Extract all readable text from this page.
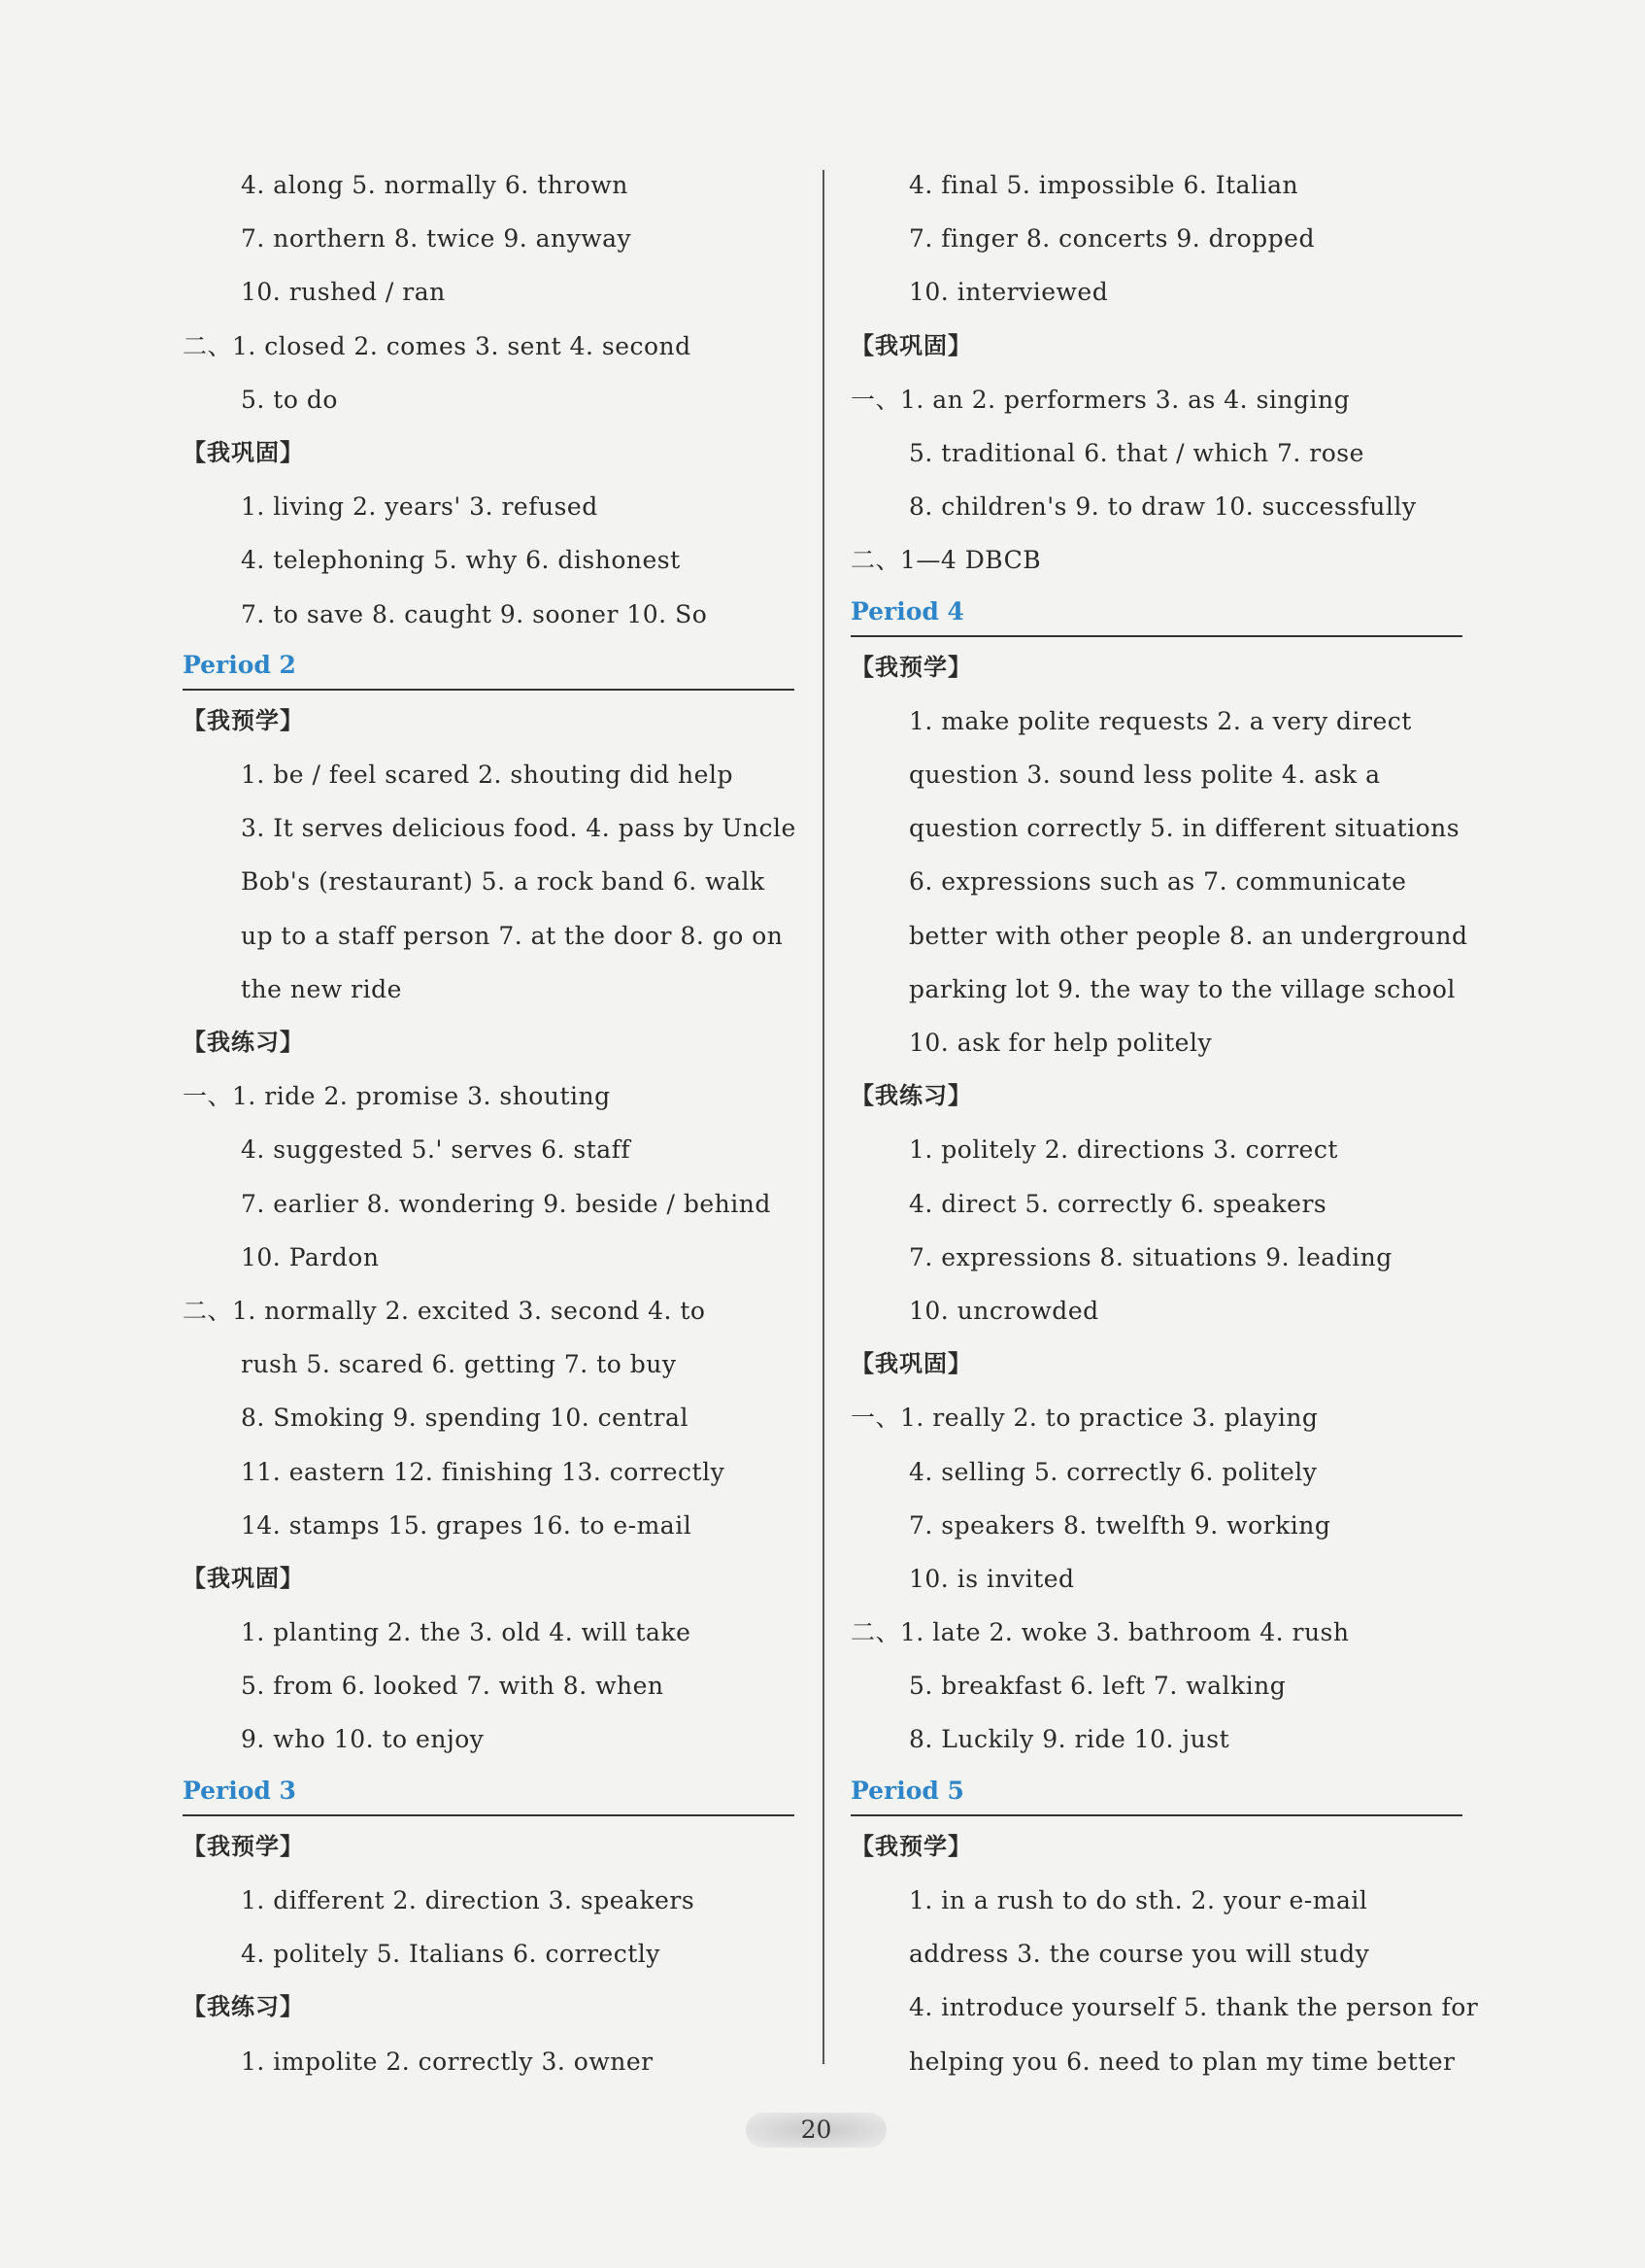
4. along 5. normally 6. thrown
7. northern 8. twice 9. anyway
10. rushed / ran
二、1. closed 2. comes 3. sent 4. second
5. to do
【我巩固】
1. living 2. years' 3. refused
4. telephoning 5. why 6. dishonest
7. to save 8. caught 9. sooner 10. So
Period 2
【我预学】
1. be / feel scared 2. shouting did help
3. It serves delicious food. 4. pass by Uncle
Bob's (restaurant) 5. a rock band 6. walk
up to a staff person 7. at the door 8. go on
the new ride
【我练习】
一、1. ride 2. promise 3. shouting
4. suggested 5.' serves 6. staff
7. earlier 8. wondering 9. beside / behind
10. Pardon
二、1. normally 2. excited 3. second 4. to
rush 5. scared 6. getting 7. to buy
8. Smoking 9. spending 10. central
11. eastern 12. finishing 13. correctly
14. stamps 15. grapes 16. to e-mail
【我巩固】
1. planting 2. the 3. old 4. will take
5. from 6. looked 7. with 8. when
9. who 10. to enjoy
Period 3
【我预学】
1. different 2. direction 3. speakers
4. politely 5. Italians 6. correctly
【我练习】
1. impolite 2. correctly 3. owner
4. final 5. impossible 6. Italian
7. finger 8. concerts 9. dropped
10. interviewed
【我巩固】
一、1. an 2. performers 3. as 4. singing
5. traditional 6. that / which 7. rose
8. children's 9. to draw 10. successfully
二、1—4 DBCB
Period 4
【我预学】
1. make polite requests 2. a very direct
question 3. sound less polite 4. ask a
question correctly 5. in different situations
6. expressions such as 7. communicate
better with other people 8. an underground
parking lot 9. the way to the village school
10. ask for help politely
【我练习】
1. politely 2. directions 3. correct
4. direct 5. correctly 6. speakers
7. expressions 8. situations 9. leading
10. uncrowded
【我巩固】
一、1. really 2. to practice 3. playing
4. selling 5. correctly 6. politely
7. speakers 8. twelfth 9. working
10. is invited
二、1. late 2. woke 3. bathroom 4. rush
5. breakfast 6. left 7. walking
8. Luckily 9. ride 10. just
Period 5
【我预学】
1. in a rush to do sth. 2. your e-mail
address 3. the course you will study
4. introduce yourself 5. thank the person for
helping you 6. need to plan my time better
20
